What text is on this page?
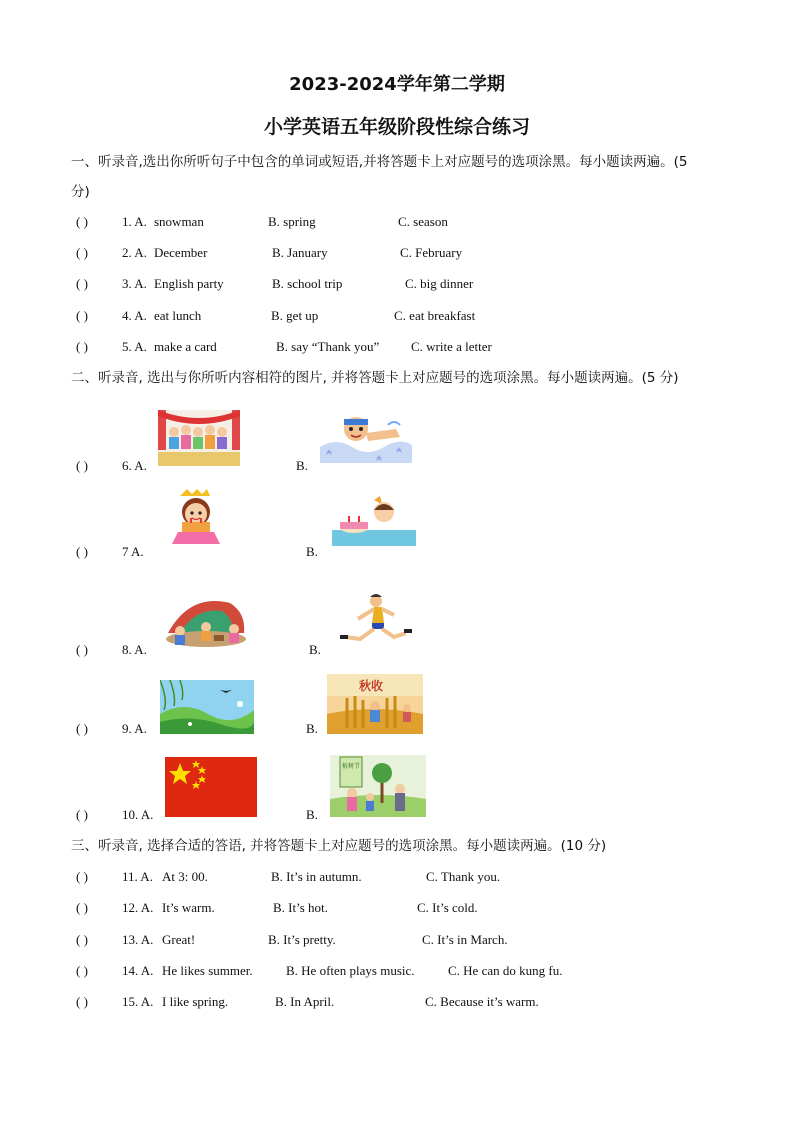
2023-2024学年第二学期
小学英语五年级阶段性综合练习
一、听录音,选出你所听句子中包含的单词或短语,并将答题卡上对应题号的选项涂黑。每小题读两遍。(5
分)
( )	1. A. snowman	B. spring	C. season
( )	2. A. December	B. January	C. February
( )	3. A. English party	B. school trip	C. big dinner
( )	4. A. eat lunch	B. get up	C. eat breakfast
( )	5. A. make a card	B. say “Thank you” C. write a letter
二、听录音, 选出与你所听内容相符的图片, 并将答题卡上对应题号的选项涂黑。每小题读两遍。(5 分)
( )	6. A.	B.
( )	7 A.	B.
( )	8. A.	B.
( )	9. A.	B.
秋收
( )	10. A.	B.
植树节
三、听录音, 选择合适的答语, 并将答题卡上对应题号的选项涂黑。每小题读两遍。(10 分)
( )	11. A. At 3: 00.	B. It’s in autumn.	C. Thank you.
( )	12. A. It’s warm.	B. It’s hot.	C. It’s cold.
( )	13. A. Great!	B. It’s pretty.	C. It’s in March.
( )	14. A. He likes summer.	B. He often plays music.	C. He can do kung fu.
( )	15. A. I like spring.	B. In April.	C. Because it’s warm.
